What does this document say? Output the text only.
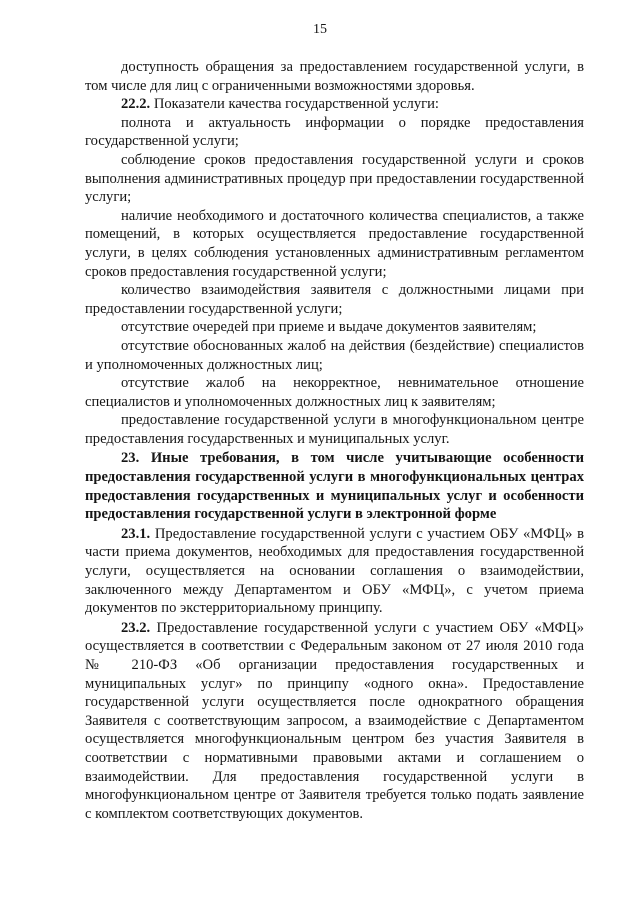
15

доступность обращения за предоставлением государственной услуги, в том числе для лиц с ограниченными возможностями здоровья.

22.2. Показатели качества государственной услуги:

полнота и актуальность информации о порядке предоставления государственной услуги;

соблюдение сроков предоставления государственной услуги и сроков выполнения административных процедур при предоставлении государственной услуги;

наличие необходимого и достаточного количества специалистов, а также помещений, в которых осуществляется предоставление государственной услуги, в целях соблюдения установленных административным регламентом сроков предоставления государственной услуги;

количество взаимодействия заявителя с должностными лицами при предоставлении государственной услуги;

отсутствие очередей при приеме и выдаче документов заявителям;

отсутствие обоснованных жалоб на действия (бездействие) специалистов и уполномоченных должностных лиц;

отсутствие жалоб на некорректное, невнимательное отношение специалистов и уполномоченных должностных лиц к заявителям;

предоставление государственной услуги в многофункциональном центре предоставления государственных и муниципальных услуг.

23. Иные требования, в том числе учитывающие особенности предоставления государственной услуги в многофункциональных центрах предоставления государственных и муниципальных услуг и особенности предоставления государственной услуги в электронной форме

23.1. Предоставление государственной услуги с участием ОБУ «МФЦ» в части приема документов, необходимых для предоставления государственной услуги, осуществляется на основании соглашения о взаимодействии, заключенного между Департаментом и ОБУ «МФЦ», с учетом приема документов по экстерриториальному принципу.

23.2. Предоставление государственной услуги с участием ОБУ «МФЦ» осуществляется в соответствии с Федеральным законом от 27 июля 2010 года № 210-ФЗ «Об организации предоставления государственных и муниципальных услуг» по принципу «одного окна». Предоставление государственной услуги осуществляется после однократного обращения Заявителя с соответствующим запросом, а взаимодействие с Департаментом осуществляется многофункциональным центром без участия Заявителя в соответствии с нормативными правовыми актами и соглашением о взаимодействии. Для предоставления государственной услуги в многофункциональном центре от Заявителя требуется только подать заявление с комплектом соответствующих документов.
